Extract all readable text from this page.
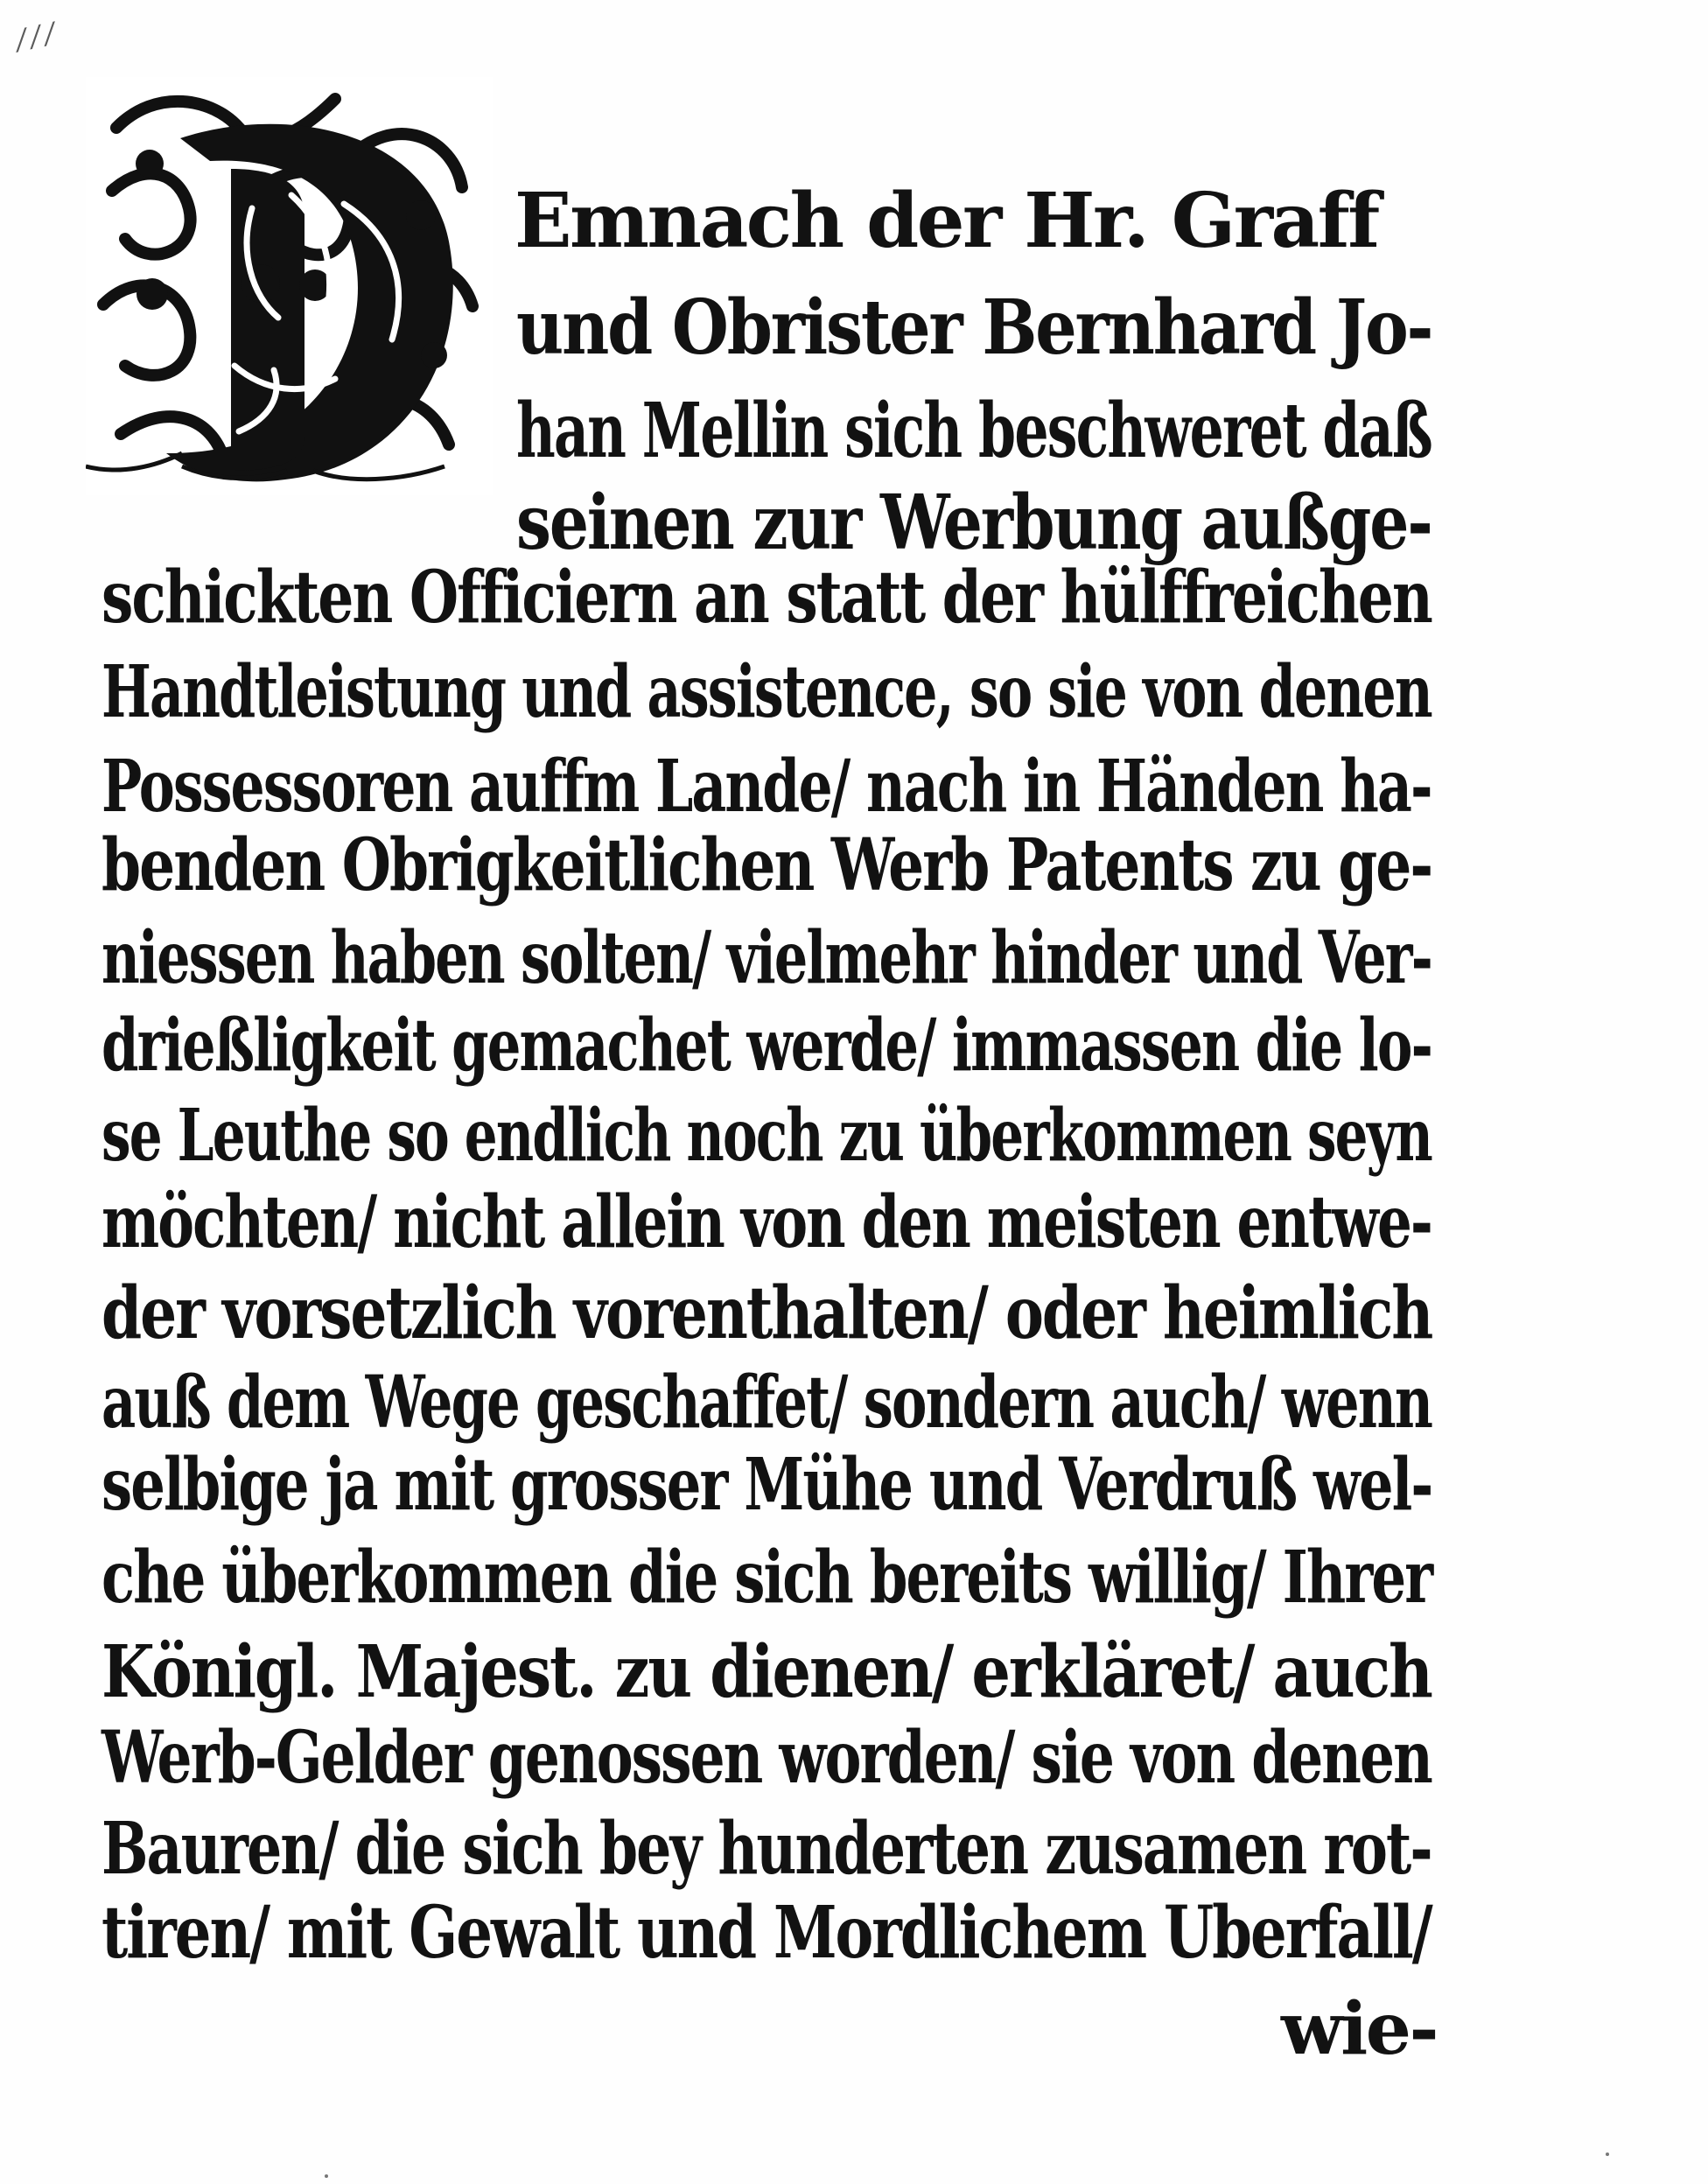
⁄ ⁄ ⁄
Emnach der Hr. Graff
und Obrister Bernhard Jo-
han Mellin sich beschweret daß
seinen zur Werbung außge-
schickten Officiern an statt der hülffreichen
Handtleistung und assistence, so sie von denen
Possessoren auffm Lande/ nach in Händen ha-
benden Obrigkeitlichen Werb Patents zu ge-
niessen haben solten/ vielmehr hinder und Ver-
drießligkeit gemachet werde/ immassen die lo-
se Leuthe so endlich noch zu überkommen seyn
möchten/ nicht allein von den meisten entwe-
der vorsetzlich vorenthalten/ oder heimlich
auß dem Wege geschaffet/ sondern auch/ wenn
selbige ja mit grosser Mühe und Verdruß wel-
che überkommen die sich bereits willig/ Ihrer
Königl. Majest. zu dienen/ erkläret/ auch
Werb-Gelder genossen worden/ sie von denen
Bauren/ die sich bey hunderten zusamen rot-
tiren/ mit Gewalt und Mordlichem Uberfall/
wie-
